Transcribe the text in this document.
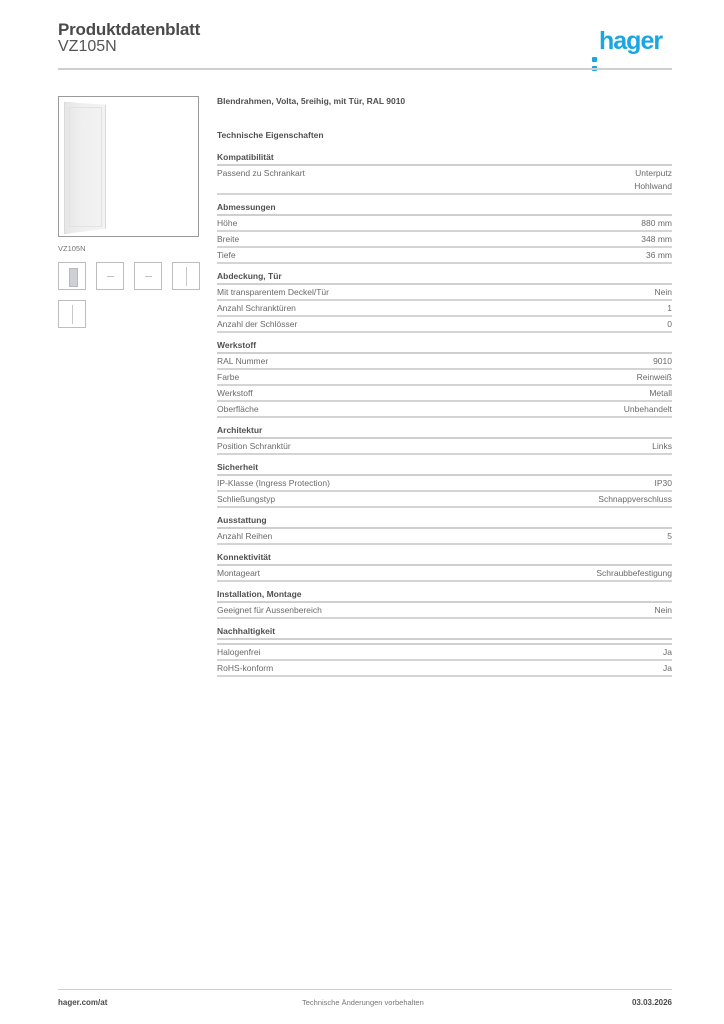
Produktdatenblatt
VZ105N	hager
VZ105N
Blendrahmen, Volta, 5reihig, mit Tür, RAL 9010
Technische Eigenschaften
Kompatibilität
Passend zu Schrankart	Unterputz
Hohlwand
Abmessungen
Höhe	880 mm
Breite	348 mm
Tiefe	36 mm
Abdeckung, Tür
Mit transparentem Deckel/Tür	Nein
Anzahl Schranktüren	1
Anzahl der Schlösser	0
Werkstoff
RAL Nummer	9010
Farbe	Reinweiß
Werkstoff	Metall
Oberfläche	Unbehandelt
Architektur
Position Schranktür	Links
Sicherheit
IP-Klasse (Ingress Protection)	IP30
Schließungstyp	Schnappverschluss
Ausstattung
Anzahl Reihen	5
Konnektivität
Montageart	Schraubbefestigung
Installation, Montage
Geeignet für Aussenbereich	Nein
Nachhaltigkeit
Halogenfrei	Ja
RoHS-konform	Ja
hager.com/at	Technische Änderungen vorbehalten	03.03.2026
